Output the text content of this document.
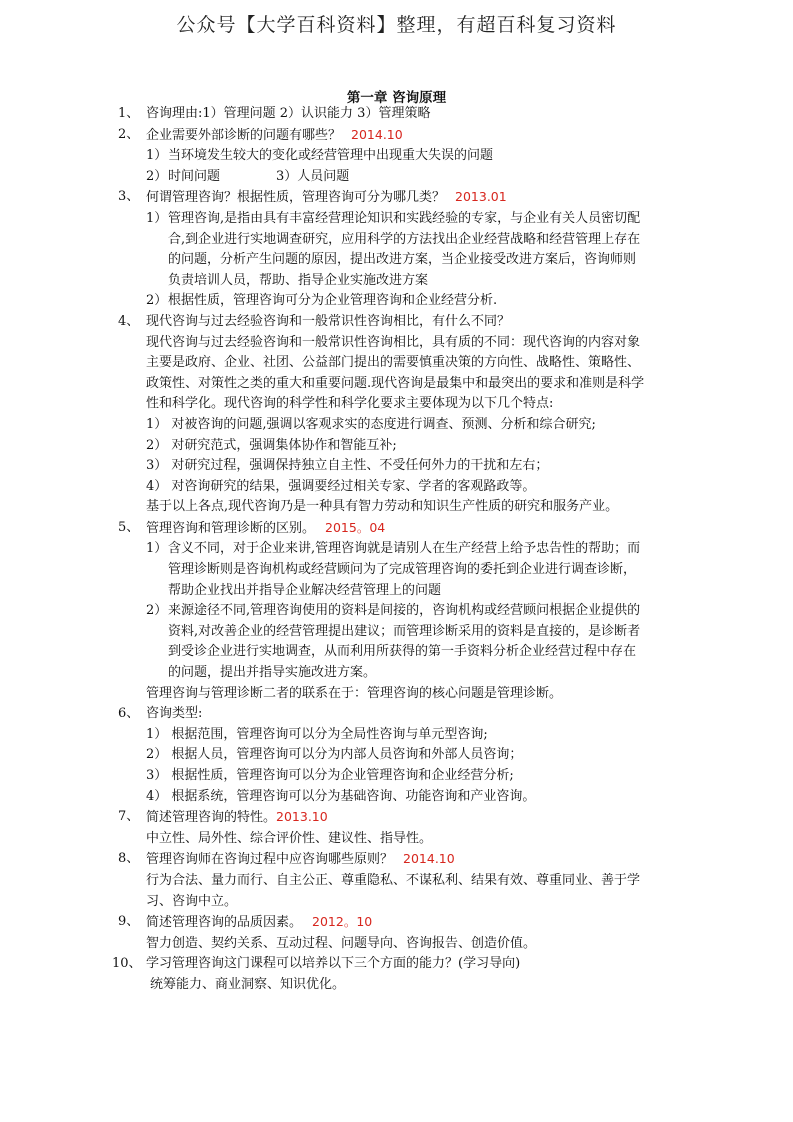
公众号【大学百科资料】整理，有超百科复习资料
第一章 咨询原理
1、 咨询理由:1）管理问题 2）认识能力 3）管理策略
2、 企业需要外部诊断的问题有哪些？ 2014.10
1） 当环境发生较大的变化或经营管理中出现重大失误的问题
2） 时间问题	3）人员问题
3、 何谓管理咨询？根据性质，管理咨询可分为哪几类？ 2013.01
1） 管理咨询,是指由具有丰富经营理论知识和实践经验的专家，与企业有关人员密切配
合,到企业进行实地调查研究，应用科学的方法找出企业经营战略和经营管理上存在
的问题，分析产生问题的原因，提出改进方案，当企业接受改进方案后，咨询师则
负责培训人员，帮助、指导企业实施改进方案
2） 根据性质，管理咨询可分为企业管理咨询和企业经营分析.
4、 现代咨询与过去经验咨询和一般常识性咨询相比，有什么不同？
现代咨询与过去经验咨询和一般常识性咨询相比，具有质的不同：现代咨询的内容对象
主要是政府、企业、社团、公益部门提出的需要慎重决策的方向性、战略性、策略性、
政策性、对策性之类的重大和重要问题.现代咨询是最集中和最突出的要求和准则是科学
性和科学化。现代咨询的科学性和科学化要求主要体现为以下几个特点:
1） 对被咨询的问题,强调以客观求实的态度进行调查、预测、分析和综合研究;
2） 对研究范式，强调集体协作和智能互补;
3） 对研究过程，强调保持独立自主性、不受任何外力的干扰和左右；
4） 对咨询研究的结果，强调要经过相关专家、学者的客观路政等。
基于以上各点,现代咨询乃是一种具有智力劳动和知识生产性质的研究和服务产业。
5、 管理咨询和管理诊断的区别。 2015。04
1） 含义不同，对于企业来讲,管理咨询就是请别人在生产经营上给予忠告性的帮助；而
管理诊断则是咨询机构或经营顾问为了完成管理咨询的委托到企业进行调查诊断，
帮助企业找出并指导企业解决经营管理上的问题
2） 来源途径不同,管理咨询使用的资料是间接的，咨询机构或经营顾问根据企业提供的
资料,对改善企业的经营管理提出建议；而管理诊断采用的资料是直接的，是诊断者
到受诊企业进行实地调查，从而利用所获得的第一手资料分析企业经营过程中存在
的问题，提出并指导实施改进方案。
管理咨询与管理诊断二者的联系在于：管理咨询的核心问题是管理诊断。
6、 咨询类型:
1） 根据范围，管理咨询可以分为全局性咨询与单元型咨询;
2） 根据人员，管理咨询可以分为内部人员咨询和外部人员咨询；
3） 根据性质，管理咨询可以分为企业管理咨询和企业经营分析;
4） 根据系统，管理咨询可以分为基础咨询、功能咨询和产业咨询。
7、 简述管理咨询的特性。2013.10
中立性、局外性、综合评价性、建议性、指导性。
8、 管理咨询师在咨询过程中应咨询哪些原则？ 2014.10
行为合法、量力而行、自主公正、尊重隐私、不谋私利、结果有效、尊重同业、善于学
习、咨询中立。
9、 简述管理咨询的品质因素。 2012。10
智力创造、契约关系、互动过程、问题导向、咨询报告、创造价值。
10、 学习管理咨询这门课程可以培养以下三个方面的能力？(学习导向)
统筹能力、商业洞察、知识优化。
